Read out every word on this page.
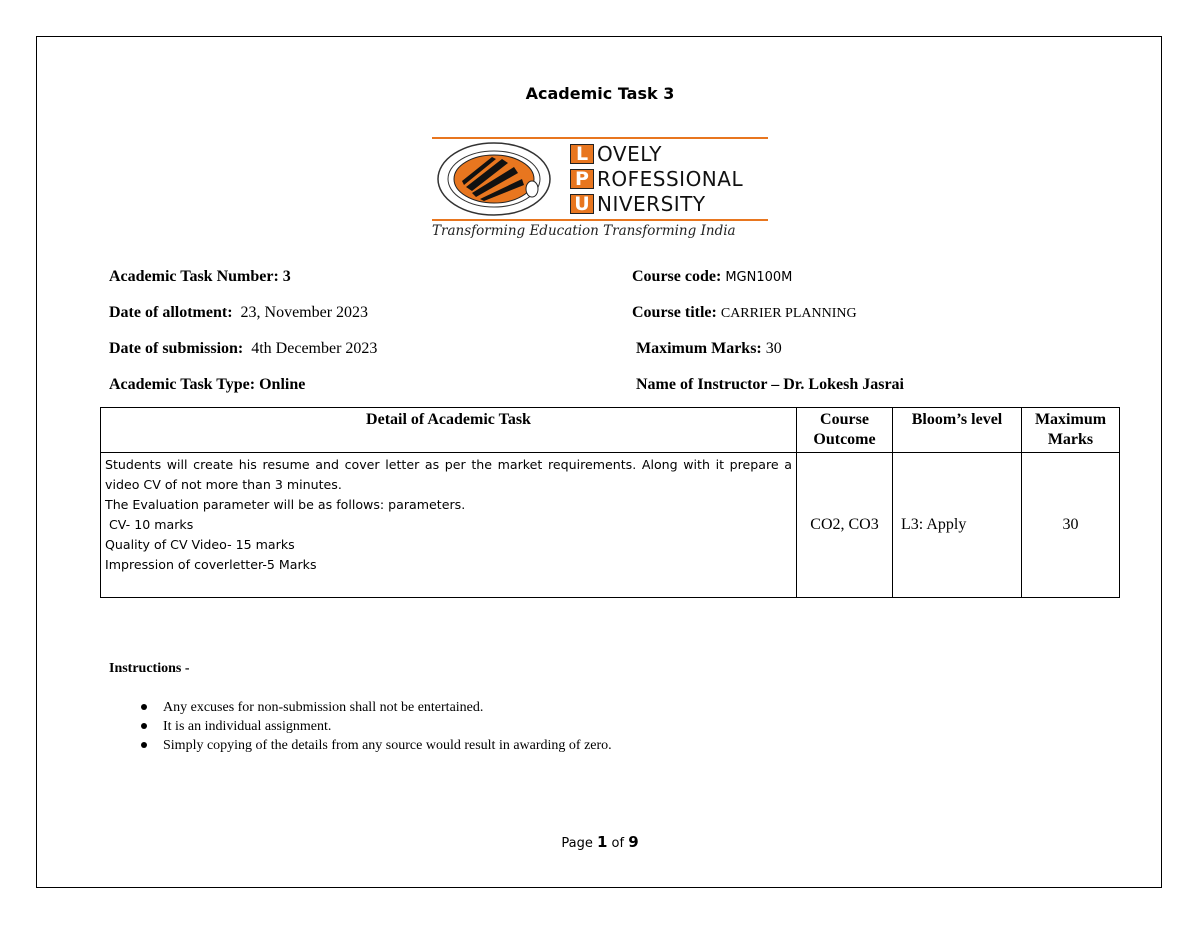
Academic Task 3
L OVELY
P ROFESSIONAL
U NIVERSITY
Transforming Education Transforming India
Academic Task Number: 3
Date of allotment: 23, November 2023
Date of submission: 4th December 2023
Academic Task Type: Online
Course code: MGN100M
Course title: CARRIER PLANNING
Maximum Marks: 30
Name of Instructor – Dr. Lokesh Jasrai
Detail of Academic Task	Course Outcome	Bloom’s level	Maximum Marks

Students will create his resume and cover letter as per the market requirements. Along with it prepare a video CV of not more than 3 minutes.
The Evaluation parameter will be as follows: parameters.
CV- 10 marks
Quality of CV Video- 15 marks
Impression of coverletter-5 Marks	CO2, CO3	L3: Apply	30
Instructions -
Any excuses for non-submission shall not be entertained.
It is an individual assignment.
Simply copying of the details from any source would result in awarding of zero.
Page 1 of 9
